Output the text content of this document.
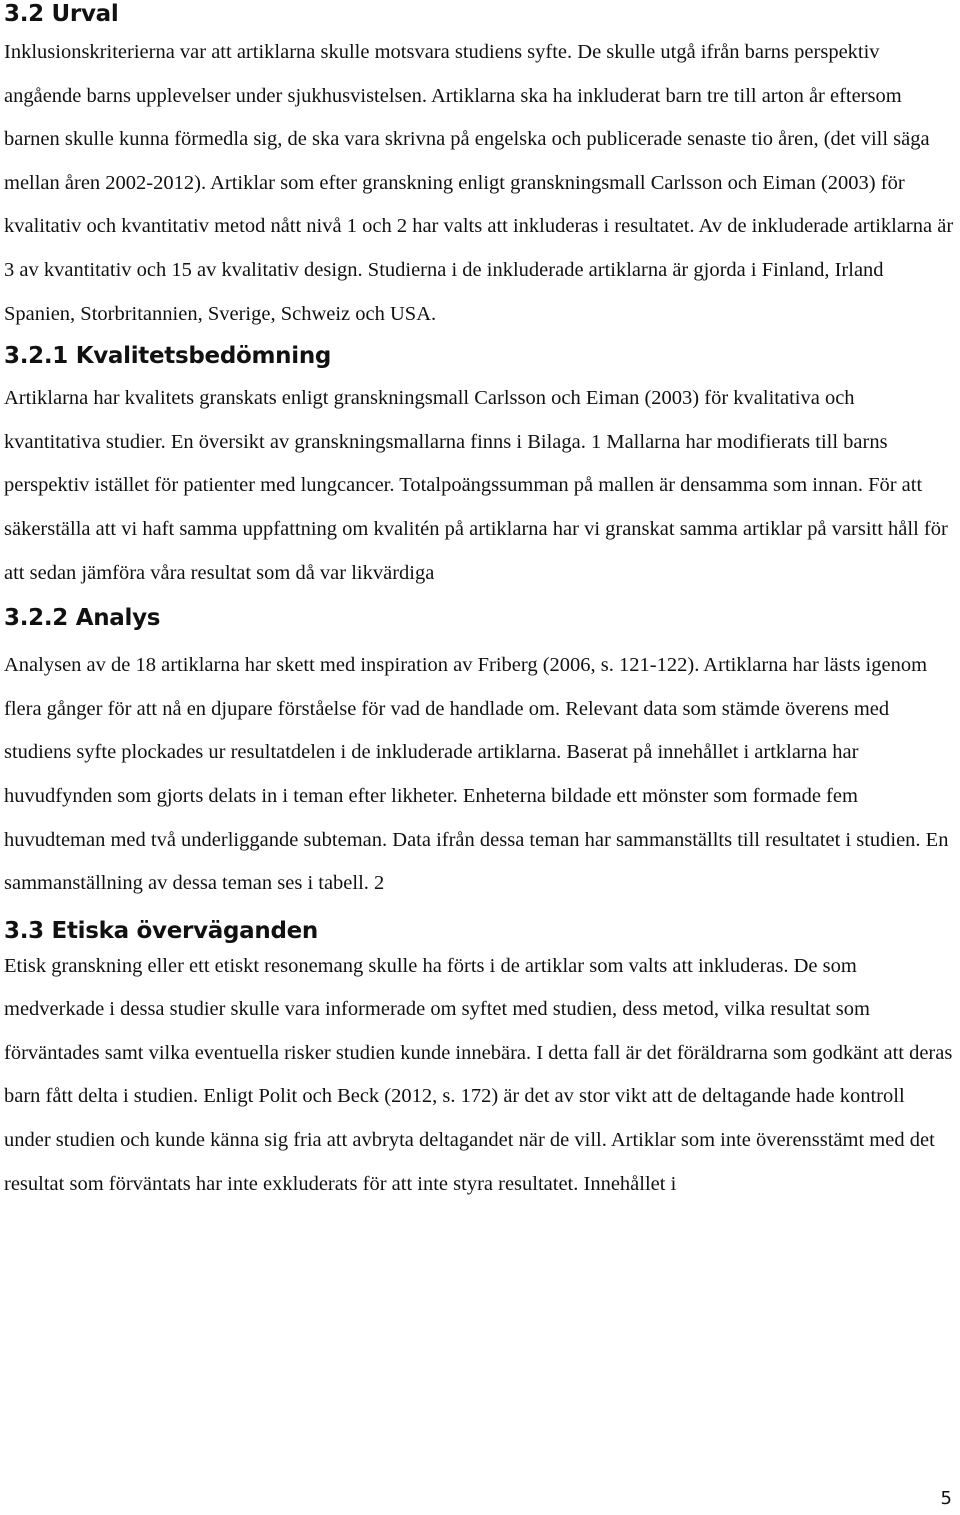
3.2 Urval

Inklusionskriterierna var att artiklarna skulle motsvara studiens syfte. De skulle utgå ifrån barns perspektiv angående barns upplevelser under sjukhusvistelsen. Artiklarna ska ha inkluderat barn tre till arton år eftersom barnen skulle kunna förmedla sig, de ska vara skrivna på engelska och publicerade senaste tio åren, (det vill säga mellan åren 2002-2012). Artiklar som efter granskning enligt granskningsmall Carlsson och Eiman (2003) för kvalitativ och kvantitativ metod nått nivå 1 och 2 har valts att inkluderas i resultatet. Av de inkluderade artiklarna är 3 av kvantitativ och 15 av kvalitativ design. Studierna i de inkluderade artiklarna är gjorda i Finland, Irland Spanien, Storbritannien, Sverige, Schweiz och USA.

3.2.1 Kvalitetsbedömning

Artiklarna har kvalitets granskats enligt granskningsmall Carlsson och Eiman (2003) för kvalitativa och kvantitativa studier. En översikt av granskningsmallarna finns i Bilaga. 1 Mallarna har modifierats till barns perspektiv istället för patienter med lungcancer. Totalpoängssumman på mallen är densamma som innan. För att säkerställa att vi haft samma uppfattning om kvalitén på artiklarna har vi granskat samma artiklar på varsitt håll för att sedan jämföra våra resultat som då var likvärdiga

3.2.2 Analys

Analysen av de 18 artiklarna har skett med inspiration av Friberg (2006, s. 121-122). Artiklarna har lästs igenom flera gånger för att nå en djupare förståelse för vad de handlade om. Relevant data som stämde överens med studiens syfte plockades ur resultatdelen i de inkluderade artiklarna. Baserat på innehållet i artklarna har huvudfynden som gjorts delats in i teman efter likheter. Enheterna bildade ett mönster som formade fem huvudteman med två underliggande subteman. Data ifrån dessa teman har sammanställts till resultatet i studien. En sammanställning av dessa teman ses i tabell. 2

3.3 Etiska överväganden

Etisk granskning eller ett etiskt resonemang skulle ha förts i de artiklar som valts att inkluderas. De som medverkade i dessa studier skulle vara informerade om syftet med studien, dess metod, vilka resultat som förväntades samt vilka eventuella risker studien kunde innebära. I detta fall är det föräldrarna som godkänt att deras barn fått delta i studien. Enligt Polit och Beck (2012, s. 172) är det av stor vikt att de deltagande hade kontroll under studien och kunde känna sig fria att avbryta deltagandet när de vill. Artiklar som inte överensstämt med det resultat som förväntats har inte exkluderats för att inte styra resultatet. Innehållet i

5
